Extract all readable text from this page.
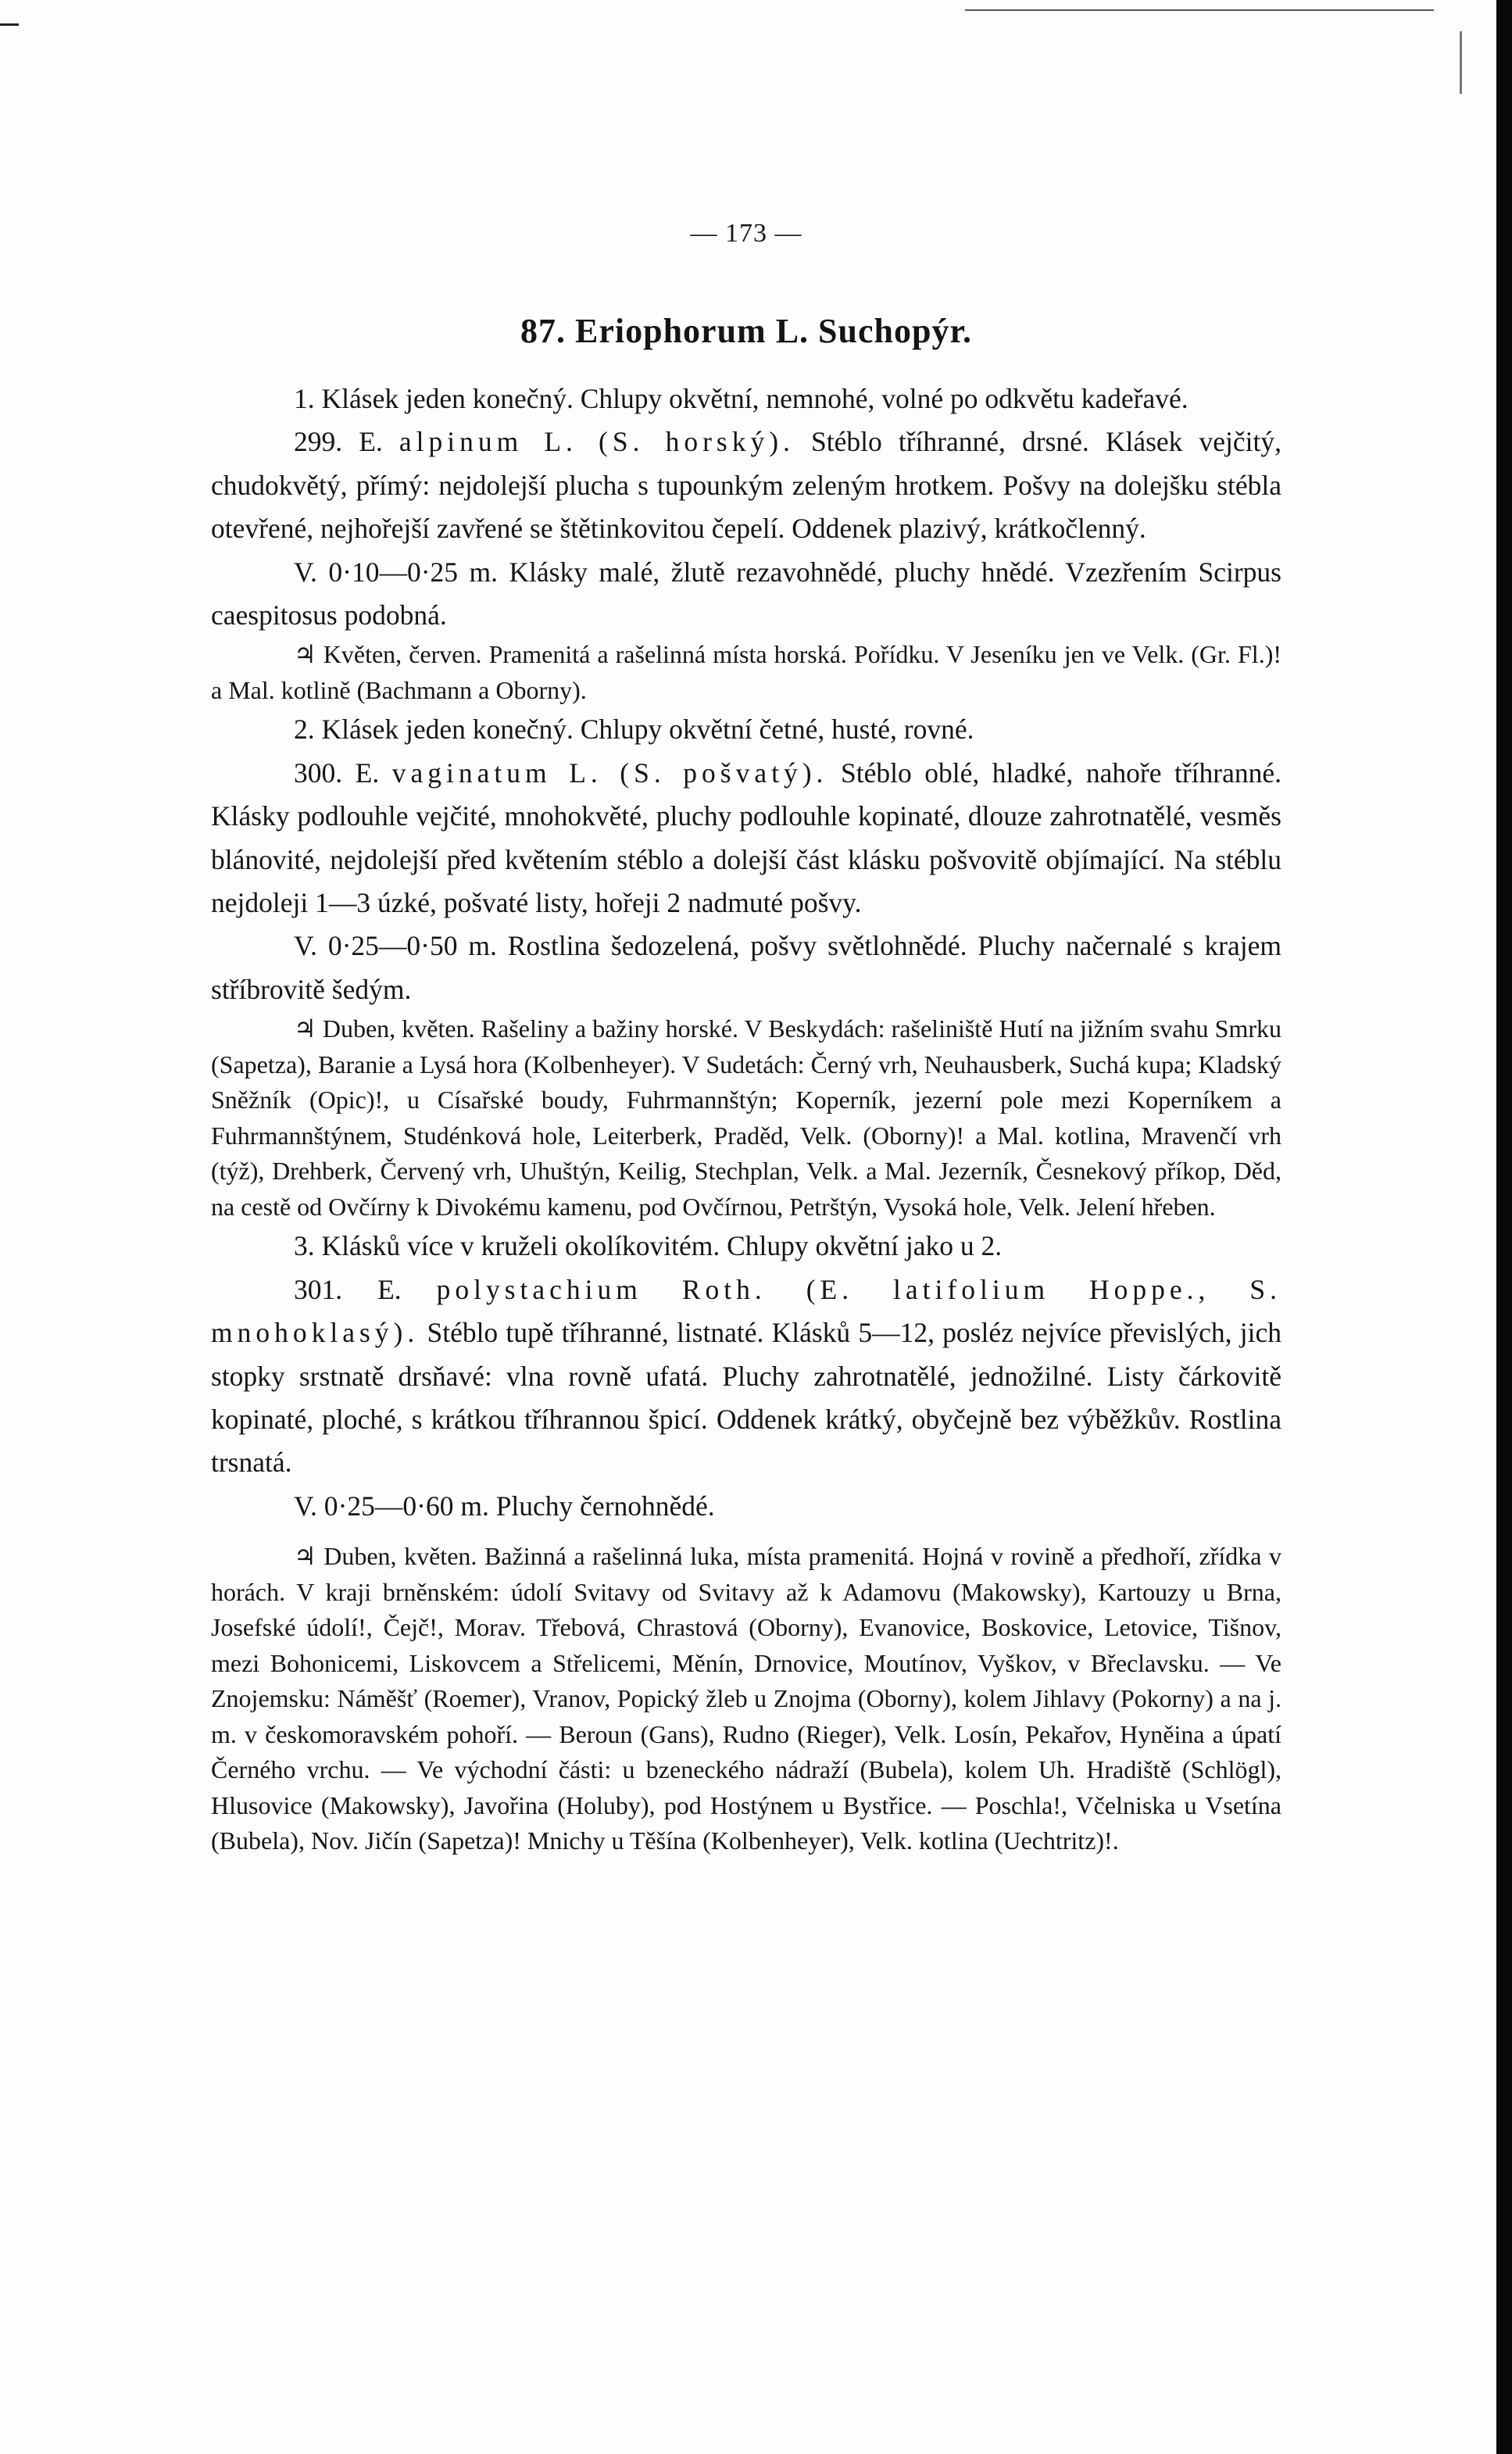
— 173 —
87. Eriophorum L. Suchopýr.

1. Klásek jeden konečný. Chlupy okvětní, nemnohé, volné po odkvětu kadeřavé.

299. E. alpinum L. (S. horský). Stéblo tříhranné, drsné. Klásek vejčitý, chudokvětý, přímý: nejdolejší plucha s tupounkým zeleným hrotkem. Pošvy na dolejšku stébla otevřené, nejhořejší zavřené se štětinkovitou čepelí. Oddenek plazivý, krátkočlenný.

V. 0·10—0·25 m. Klásky malé, žlutě rezavohnědé, pluchy hnědé. Vzezřením Scirpus caespitosus podobná.

♃ Květen, červen. Pramenitá a rašelinná místa horská. Pořídku. V Jeseníku jen ve Velk. (Gr. Fl.)! a Mal. kotlině (Bachmann a Oborny).

2. Klásek jeden konečný. Chlupy okvětní četné, husté, rovné.

300. E. vaginatum L. (S. pošvatý). Stéblo oblé, hladké, nahoře tříhranné. Klásky podlouhle vejčité, mnohokvěté, pluchy podlouhle kopinaté, dlouze zahrotnatělé, vesměs blánovité, nejdolejší před květením stéblo a dolejší část klásku pošvovitě objímající. Na stéblu nejdoleji 1—3 úzké, pošvaté listy, hořeji 2 nadmuté pošvy.

V. 0·25—0·50 m. Rostlina šedozelená, pošvy světlohnědé. Pluchy načernalé s krajem stříbrovitě šedým.

♃ Duben, květen. Rašeliny a bažiny horské. V Beskydách: rašeliniště Hutí na jižním svahu Smrku (Sapetza), Baranie a Lysá hora (Kolbenheyer). V Sudetách: Černý vrh, Neuhausberk, Suchá kupa; Kladský Sněžník (Opic)!, u Císařské boudy, Fuhrmannštýn; Koperník, jezerní pole mezi Koperníkem a Fuhrmannštýnem, Studénková hole, Leiterberk, Praděd, Velk. (Oborny)! a Mal. kotlina, Mravenčí vrh (týž), Drehberk, Červený vrh, Uhuštýn, Keilig, Stechplan, Velk. a Mal. Jezerník, Česnekový příkop, Děd, na cestě od Ovčírny k Divokému kamenu, pod Ovčírnou, Petrštýn, Vysoká hole, Velk. Jelení hřeben.

3. Klásků více v kruželi okolíkovitém. Chlupy okvětní jako u 2.

301. E. polystachium Roth. (E. latifolium Hoppe., S. mnohoklasý). Stéblo tupě tříhranné, listnaté. Klásků 5—12, posléz nejvíce převislých, jich stopky srstnatě drsňavé: vlna rovně ufatá. Pluchy zahrotnatělé, jednožilné. Listy čárkovitě kopinaté, ploché, s krátkou tříhrannou špicí. Oddenek krátký, obyčejně bez výběžkův. Rostlina trsnatá.

V. 0·25—0·60 m. Pluchy černohnědé.

♃ Duben, květen. Bažinná a rašelinná luka, místa pramenitá. Hojná v rovině a předhoří, zřídka v horách. V kraji brněnském: údolí Svitavy od Svitavy až k Adamovu (Makowsky), Kartouzy u Brna, Josefské údolí!, Čejč!, Morav. Třebová, Chrastová (Oborny), Evanovice, Boskovice, Letovice, Tišnov, mezi Bohonicemi, Liskovcem a Střelicemi, Měnín, Drnovice, Moutínov, Vyškov, v Břeclavsku. — Ve Znojemsku: Náměšť (Roemer), Vranov, Popický žleb u Znojma (Oborny), kolem Jihlavy (Pokorny) a na j. m. v českomoravském pohoří. — Beroun (Gans), Rudno (Rieger), Velk. Losín, Pekařov, Hyněina a úpatí Černého vrchu. — Ve východní části: u bzeneckého nádraží (Bubela), kolem Uh. Hradiště (Schlögl), Hlusovice (Makowsky), Javořina (Holuby), pod Hostýnem u Bystřice. — Poschla!, Včelniska u Vsetína (Bubela), Nov. Jičín (Sapetza)! Mnichy u Těšína (Kolbenheyer), Velk. kotlina (Uechtritz)!.
